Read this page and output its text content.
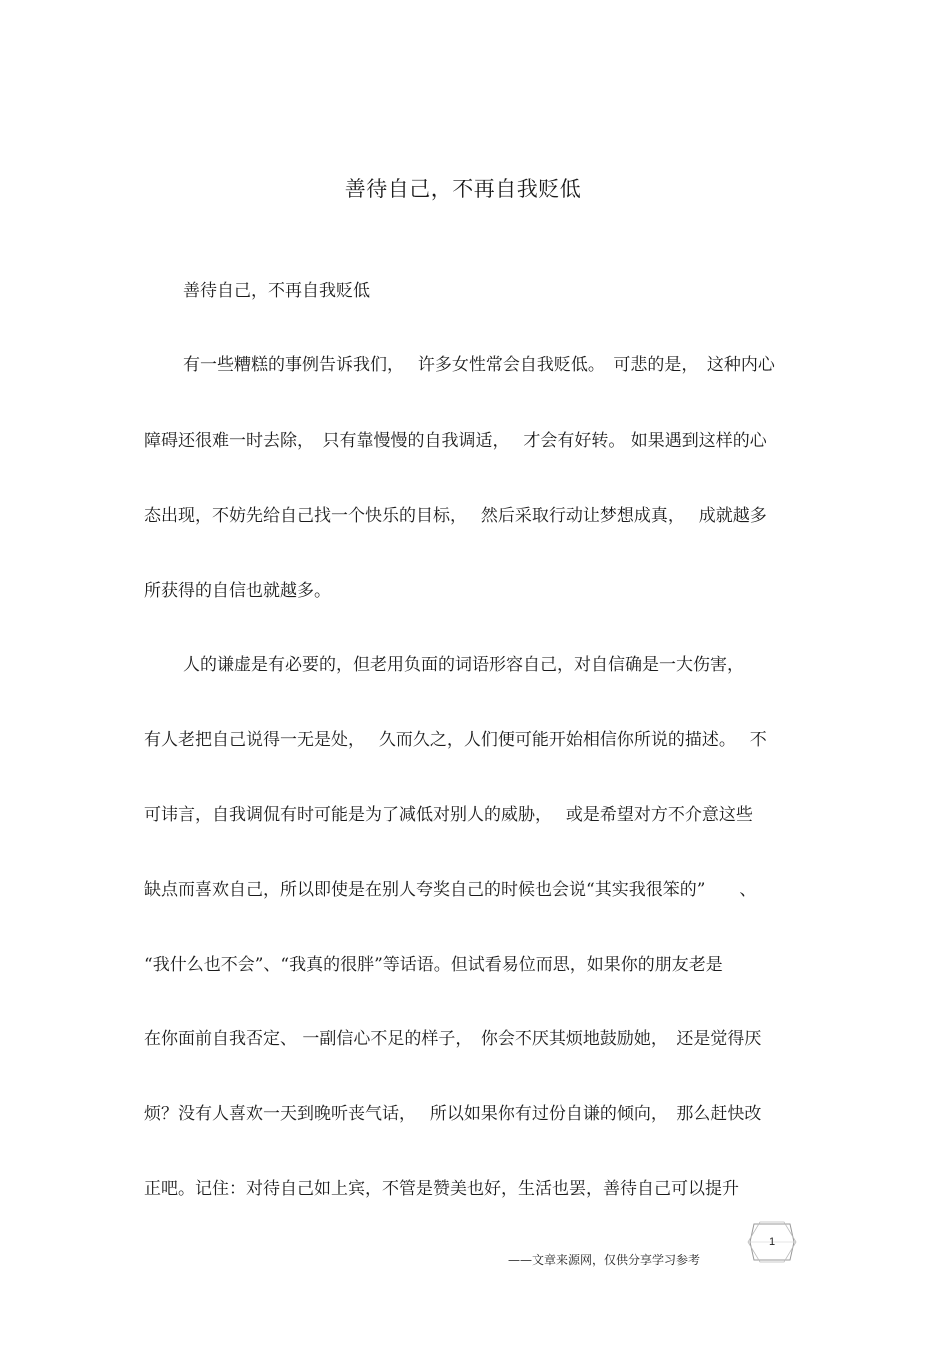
善待自己，不再自我贬低
善待自己，不再自我贬低
有一些糟糕的事例告诉我们，　 许多女性常会自我贬低。　可悲的是，　这种内心
障碍还很难一时去除，　只有靠慢慢的自我调适，　 才会有好转。 如果遇到这样的心
态出现，不妨先给自己找一个快乐的目标，　 然后采取行动让梦想成真，　 成就越多
所获得的自信也就越多。
人的谦虚是有必要的，但老用负面的词语形容自己，对自信确是一大伤害，
有人老把自己说得一无是处，　 久而久之，人们便可能开始相信你所说的描述。　 不
可讳言，自我调侃有时可能是为了减低对别人的威胁，　 或是希望对方不介意这些
缺点而喜欢自己，所以即使是在别人夸奖自己的时候也会说“其实我很笨的”　　、
“我什么也不会”、“我真的很胖”等话语。但试看易位而思，如果你的朋友老是
在你面前自我否定、 一副信心不足的样子，　你会不厌其烦地鼓励她，　还是觉得厌
烦？没有人喜欢一天到晚听丧气话，　 所以如果你有过份自谦的倾向，　那么赶快改
正吧。记住：对待自己如上宾，不管是赞美也好，生活也罢，善待自己可以提升
1
——文章来源网，仅供分享学习参考
